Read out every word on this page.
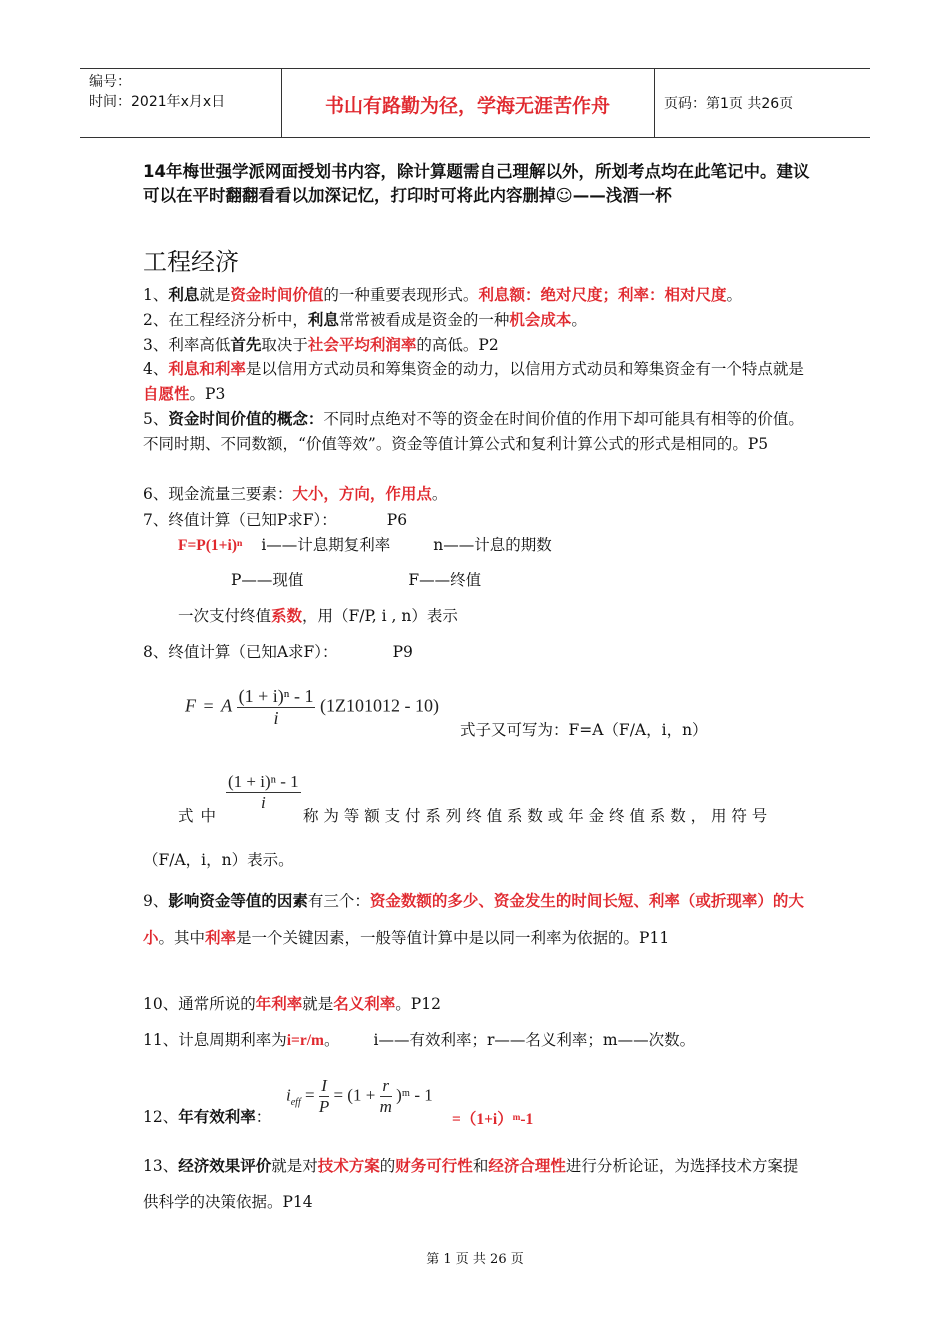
编号：
时间：2021年x月x日	书山有路勤为径，学海无涯苦作舟	页码：第1页 共26页
14年梅世强学派网面授划书内容，除计算题需自己理解以外，所划考点均在此笔记中。建议可以在平时翻翻看看以加深记忆，打印时可将此内容删掉☺——浅酒一杯
工程经济
1、利息就是资金时间价值的一种重要表现形式。利息额：绝对尺度；利率：相对尺度。
2、在工程经济分析中，利息常常被看成是资金的一种机会成本。
3、利率高低首先取决于社会平均利润率的高低。P2
4、利息和利率是以信用方式动员和筹集资金的动力，以信用方式动员和筹集资金有一个特点就是自愿性。P3
5、资金时间价值的概念：不同时点绝对不等的资金在时间价值的作用下却可能具有相等的价值。不同时期、不同数额，“价值等效”。资金等值计算公式和复利计算公式的形式是相同的。P5
6、现金流量三要素：大小，方向，作用点。
7、终值计算（已知P求F）：	P6
F=P(1+i)ⁿ i——计息期复利率	n——计息的期数
P——现值	F——终值
一次支付终值系数，用（F/P, i , n）表示
8、终值计算（已知A求F）：	P9
F = A $\frac{\text{(1 + i)ⁿ - 1}}{i} (1Z101012 - 10)$
式子又可写为：F=A（F/A，i，n）
$\frac{\text{(1 + i)ⁿ - 1}}{i}$
式中	称为等额支付系列终值系数或年金终值系数，用符号
（F/A，i，n）表示。
9、影响资金等值的因素有三个：资金数额的多少、资金发生的时间长短、利率（或折现率）的大小。其中利率是一个关键因素，一般等值计算中是以同一利率为依据的。P11
10、通常所说的年利率就是名义利率。P12
11、计息周期利率为i=r/m。 i——有效利率；r——名义利率；m——次数。
$i_{eff} = \frac{I}{P} = (1 + \frac{r}{m}$ )ᵐ - 1
12、年有效利率：	=（1+i）ᵐ-1
13、经济效果评价就是对技术方案的财务可行性和经济合理性进行分析论证，为选择技术方案提供科学的决策依据。P14
第 1 页 共 26 页
